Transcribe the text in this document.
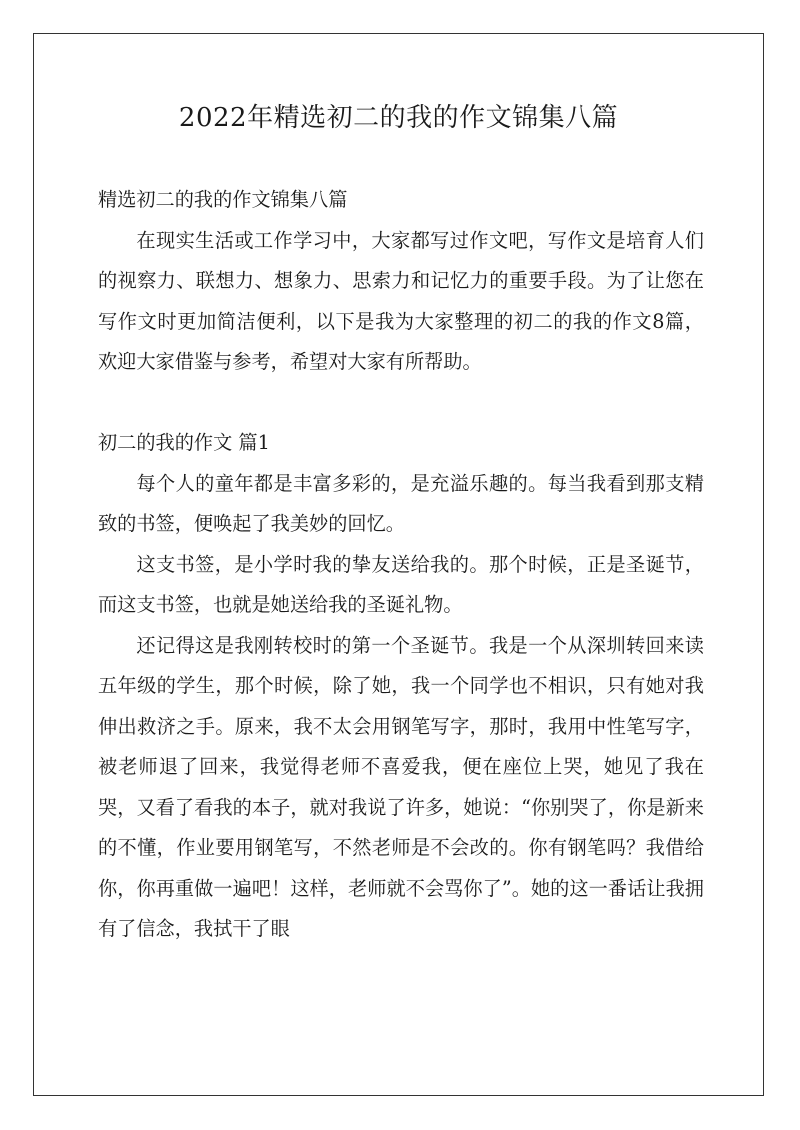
2022年精选初二的我的作文锦集八篇

精选初二的我的作文锦集八篇

在现实生活或工作学习中，大家都写过作文吧，写作文是培育人们的视察力、联想力、想象力、思索力和记忆力的重要手段。为了让您在写作文时更加简洁便利，以下是我为大家整理的初二的我的作文8篇，欢迎大家借鉴与参考，希望对大家有所帮助。

初二的我的作文 篇1

每个人的童年都是丰富多彩的，是充溢乐趣的。每当我看到那支精致的书签，便唤起了我美妙的回忆。

这支书签，是小学时我的挚友送给我的。那个时候，正是圣诞节，而这支书签，也就是她送给我的圣诞礼物。

还记得这是我刚转校时的第一个圣诞节。我是一个从深圳转回来读五年级的学生，那个时候，除了她，我一个同学也不相识，只有她对我伸出救济之手。原来，我不太会用钢笔写字，那时，我用中性笔写字，被老师退了回来，我觉得老师不喜爱我，便在座位上哭，她见了我在哭，又看了看我的本子，就对我说了许多，她说：“你别哭了，你是新来的不懂，作业要用钢笔写，不然老师是不会改的。你有钢笔吗？我借给你，你再重做一遍吧！这样，老师就不会骂你了”。她的这一番话让我拥有了信念，我拭干了眼
